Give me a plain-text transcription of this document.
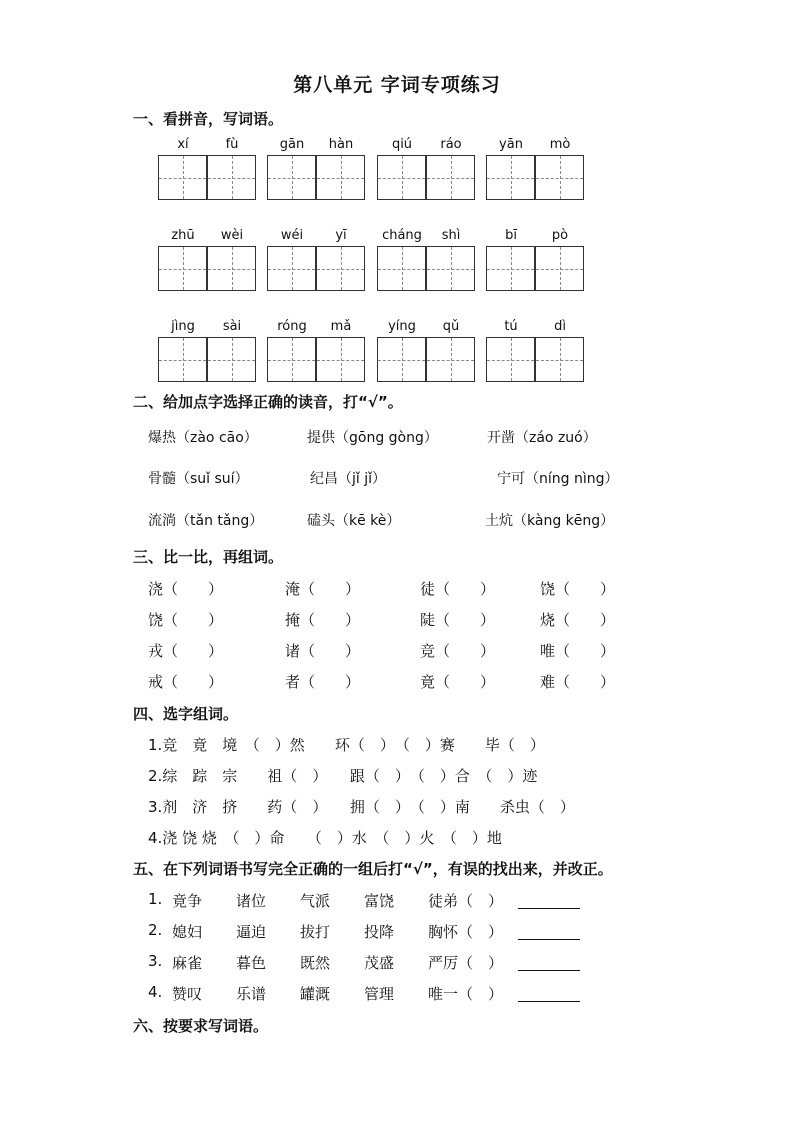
第八单元 字词专项练习
一、看拼音，写词语。
xí	fù	gān	hàn	qiú	ráo	yān	mò
zhū	wèi	wéi	yī	cháng	shì	bī	pò
jìng	sài	róng	mǎ	yíng	qǔ	tú	dì
二、给加点字选择正确的读音，打“√”。
爆热（zào cāo）	提供（gōng gòng）	开凿（záo zuó）
骨髓（suǐ suí）	纪昌（jǐ jǐ）	宁可（níng nìng）
流淌（tǎn tǎng）	磕头（kē kè）	土炕（kàng kēng）
三、比一比，再组词。
浇（　　）	淹（　　）	徒（　　）	饶（　　）
饶（　　）	掩（　　）	陡（　　）	烧（　　）
戎（　　）	诸（　　）	竞（　　）	唯（　　）
戒（　　）	者（　　）	竟（　　）	难（　　）
四、选字组词。
1.竞　竟　境　（　）然　　环（　）　（　）赛　　毕（　）
2.综　踪　宗　　祖（　）　　跟（　）　（　）合　（　）迹
3.剂　济　挤　　药（　）　　拥（　）　（　）南　　杀虫（　）
4.浇 饶 烧　（　）命　　（　）水　（　）火　（　）地
五、在下列词语书写完全正确的一组后打“√”，有误的找出来，并改正。
1. 竟争 诸位 气派 富饶 徒弟（　）
2. 媳妇 逼迫 拔打 投降 胸怀（　）
3. 麻雀 暮色 既然 茂盛 严厉（　）
4. 赞叹 乐谱 罐溉 管理 唯一（　）
六、按要求写词语。
